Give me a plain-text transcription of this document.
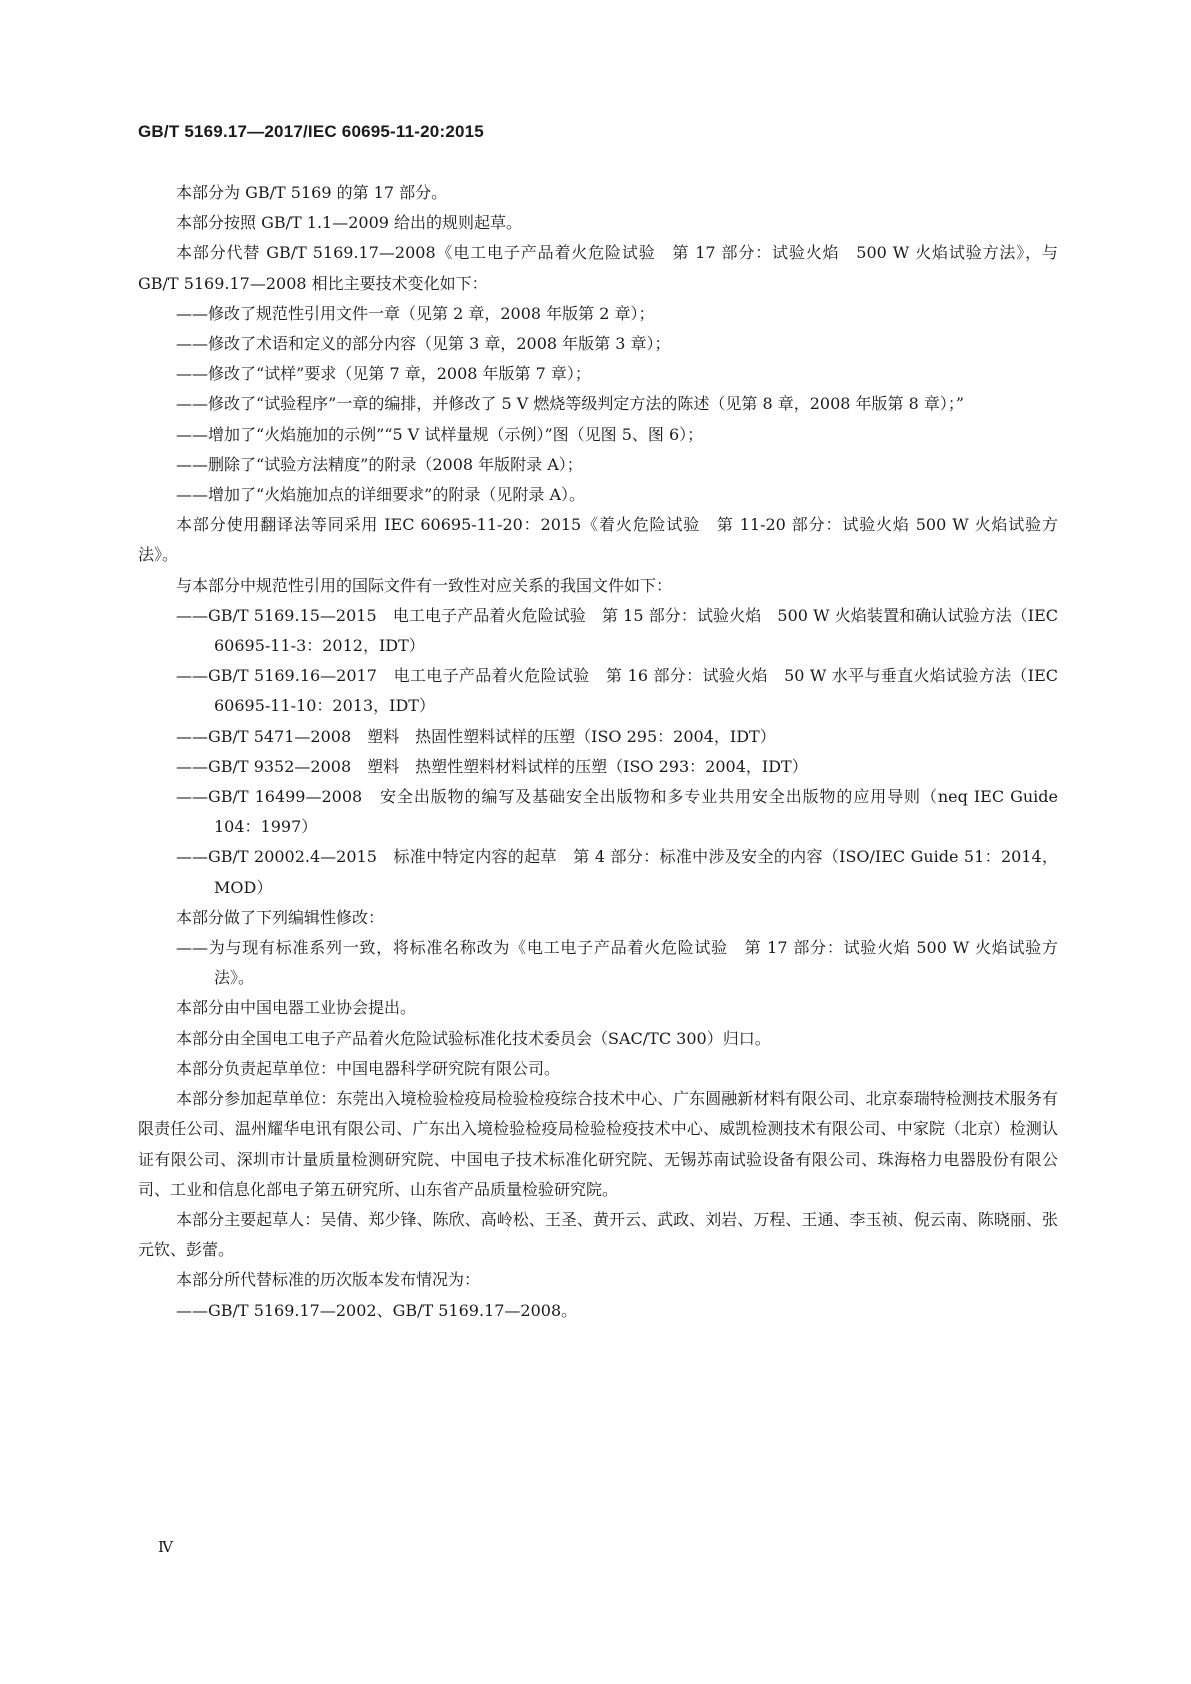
GB/T 5169.17—2017/IEC 60695-11-20:2015

本部分为 GB/T 5169 的第 17 部分。

本部分按照 GB/T 1.1—2009 给出的规则起草。

本部分代替 GB/T 5169.17—2008《电工电子产品着火危险试验　第 17 部分：试验火焰　500 W 火焰试验方法》，与 GB/T 5169.17—2008 相比主要技术变化如下：

——修改了规范性引用文件一章（见第 2 章，2008 年版第 2 章）；

——修改了术语和定义的部分内容（见第 3 章，2008 年版第 3 章）；

——修改了“试样”要求（见第 7 章，2008 年版第 7 章）；

——修改了“试验程序”一章的编排，并修改了 5 V 燃烧等级判定方法的陈述（见第 8 章，2008 年版第 8 章）；”

——增加了“火焰施加的示例”“5 V 试样量规（示例）”图（见图 5、图 6）；

——删除了“试验方法精度”的附录（2008 年版附录 A）；

——增加了“火焰施加点的详细要求”的附录（见附录 A）。

本部分使用翻译法等同采用 IEC 60695-11-20：2015《着火危险试验　第 11-20 部分：试验火焰 500 W 火焰试验方法》。

与本部分中规范性引用的国际文件有一致性对应关系的我国文件如下：

——GB/T 5169.15—2015　电工电子产品着火危险试验　第 15 部分：试验火焰　500 W 火焰装置和确认试验方法（IEC 60695-11-3：2012，IDT）

——GB/T 5169.16—2017　电工电子产品着火危险试验　第 16 部分：试验火焰　50 W 水平与垂直火焰试验方法（IEC 60695-11-10：2013，IDT）

——GB/T 5471—2008　塑料　热固性塑料试样的压塑（ISO 295：2004，IDT）

——GB/T 9352—2008　塑料　热塑性塑料材料试样的压塑（ISO 293：2004，IDT）

——GB/T 16499—2008　安全出版物的编写及基础安全出版物和多专业共用安全出版物的应用导则（neq IEC Guide 104：1997）

——GB/T 20002.4—2015　标准中特定内容的起草　第 4 部分：标准中涉及安全的内容（ISO/IEC Guide 51：2014，MOD）

本部分做了下列编辑性修改：

——为与现有标准系列一致，将标准名称改为《电工电子产品着火危险试验　第 17 部分：试验火焰 500 W 火焰试验方法》。

本部分由中国电器工业协会提出。

本部分由全国电工电子产品着火危险试验标准化技术委员会（SAC/TC 300）归口。

本部分负责起草单位：中国电器科学研究院有限公司。

本部分参加起草单位：东莞出入境检验检疫局检验检疫综合技术中心、广东圆融新材料有限公司、北京泰瑞特检测技术服务有限责任公司、温州耀华电讯有限公司、广东出入境检验检疫局检验检疫技术中心、威凯检测技术有限公司、中家院（北京）检测认证有限公司、深圳市计量质量检测研究院、中国电子技术标准化研究院、无锡苏南试验设备有限公司、珠海格力电器股份有限公司、工业和信息化部电子第五研究所、山东省产品质量检验研究院。

本部分主要起草人：吴倩、郑少锋、陈欣、高岭松、王圣、黄开云、武政、刘岩、万程、王通、李玉祯、倪云南、陈晓丽、张元钦、彭蕾。

本部分所代替标准的历次版本发布情况为：

——GB/T 5169.17—2002、GB/T 5169.17—2008。

Ⅳ
